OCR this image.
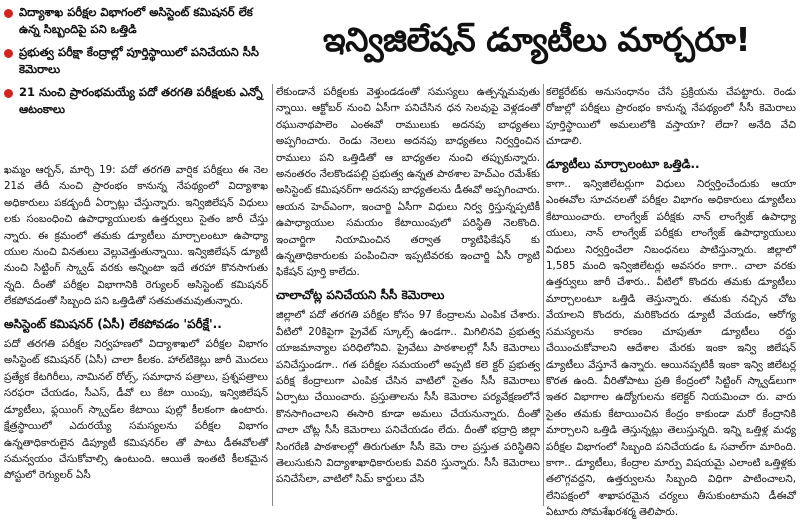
విద్యాశాఖ పరీక్షల విభాగంలో అసిస్టెంట్ కమిషనర్ లేక ఉన్న సిబ్బందిపై పని ఒత్తిడి
ప్రభుత్వ పరీక్షా కేంద్రాల్లో పూర్తిస్థాయిలో పనిచేయని సీసీ కెమెరాలు
21 నుంచి ప్రారంభమయ్యే పదో తరగతి పరీక్షలకు ఎన్నో ఆటంకాలు
ఇన్విజిలేషన్ డ్యూటీలు మార్చరూ!

ఖమ్మం ఆర్బన్, మార్చి 19: పదో తరగతి వార్షిక పరీక్షలు ఈ నెల 21వ తేదీ నుంచి ప్రారంభం కానున్న నేపథ్యంలో విద్యాశాఖ అధికారులు పకడ్బందీ ఏర్పాట్లు చేస్తున్నారు. ఇన్విజిలేషన్ విధులు లకు సంబంధించి ఉపాధ్యాయులకు ఉత్తర్వులు సైతం జారీ చేస్తు న్నారు. ఈ క్రమంలో తమకు డ్యూటీలు మార్చాలంటూ ఉపాధ్యా యుల నుంచి వినతులు వెల్లువెత్తుతున్నాయి. ఇన్విజిలేషన్ డ్యూటీ నుంచి సిట్టింగ్ స్క్వాడ్ వరకు అన్నింటా ఇదే తరహా కొనసాగుతు న్నది. దీంతో పరీక్షల విభాగానికి రెగ్యులర్ అసిస్టెంట్ కమిషనర్ లేకపోవడంతో సిబ్బంది పని ఒత్తిడితో సతమతమవుతున్నారు.

అసిస్టెంట్ కమిషనర్ (ఏసీ) లేకపోవడం 'పరీక్షే'..

పదో తరగతి పరీక్షల నిర్వహణలో విద్యాశాఖలో పరీక్షల విభాగం అసిస్టెంట్ కమిషనర్ (ఏసీ) చాలా కీలకం. హాల్‌టికెట్లు జారీ మొదలు ప్రత్యేక కేటగిరీలు, నామినల్ రోల్స్, సమాధాన పత్రాలు, ప్రశ్నపత్రాలు సరఫరా చేయడం, సీఎస్, డీవో లు కేటా యింపు, ఇన్విజిలేషన్ డ్యూటీలు, ఫ్లయింగ్ స్క్వాడ్‌ల కేటాయి పుల్లో కీలకంగా ఉంటారు. క్షేత్రస్థాయిలో ఎదురయ్యే సమస్యలను పరీక్షల విభాగం ఉన్నతాధికారులైన డిప్యూటీ కమిషనర్‌ల తో పాటు డీఈవోలతో సమన్వయం చేసుకోవాల్సి ఉంటుంది. ఆయితే ఇంతటి కీలకమైన పోస్టులో రెగ్యులర్ ఏసీ

లేకుండానే పరీక్షలకు వెళ్తుండడంతో సమస్యలు ఉత్పన్నమవుతు న్నాయి. ఆక్టోబర్ నుంచి ఏసీగా పనిచేసిన ధన సెలవుపై వెళ్లడంతో రఘునాథపాలెం ఎంఈవో రాములుకు అదనపు బాధ్యతలు అప్పగించారు. రెండు నెలలు అదనపు బాధ్యతలు నిర్వర్తించిన రాములు పని ఒత్తిడితో ఆ బాధ్యతల నుంచి తప్పుకున్నారు. అనంతరం నేలకొండపల్లి ప్రభుత్వ ఉన్నత పాఠశాల హెచ్‌ఎం రమేశ్‌కు అసిస్టెంట్ కమిషనర్‌గా అదనపు బాధ్యతలను డీఈవో అప్పగించారు. ఆయన హెచ్‌ఎంగా, ఇంచార్జి ఏసీగా విధులు నిర్వ ర్తిస్తున్నప్పటికీ ఉపాధ్యాయుల సమయం కేటాయింపులో పరిస్థితి నెలకొంది. ఇంచార్జిగా నియామించిన తర్వాత ర్యాటిఫికేషన్‌ కు ఉన్నతాధికారులకు పంపించినా ఇప్పటివరకు ఇంచార్జి ఏసీ ర్యాటి ఫికేషన్ పూర్తి కాలేదు.

చాలాచోట్ల పనిచేయని సీసీ కెమెరాలు

జిల్లాలో పదో తరగతి పరీక్షల కోసం 97 కేంద్రాలను ఎంపిక చేశారు. వీటిలో 20కిపైగా ప్రైవేట్ స్కూల్స్ ఉండగా.. మిగిలినవి ప్రభుత్వ యాజమాన్యాల పరిధిలోనివి. ప్రైవేటు పాఠశాలల్లో సీసీ కెమెరాలు పనిచేస్తుండగా.. గత పరీక్షల సమయంలో అప్పటి కలె క్టర్ ప్రభుత్వ పరీక్ష కేంద్రాలుగా ఎంపిక చేసిన వాటిలో సైతం సీసీ కెమెరాలు ఏర్పాటు చేయించారు. ప్రస్తుతాలను సీసీ కెమెరాల పర్యవేక్షణలోనే కొనసాగించాలని ఈసారి కూడా అమలు చేయనున్నారు. దీంతో చాలా చోట్ల సీసీ కెమెరాలు పనిచేయడం లేదు. దీంతో భద్రాద్రి జిల్లా సింగరేణి పాఠశాలల్లో తిరుగుతూ సీసీ కెమె రాల ప్రస్తుత పరిస్థితిని తెలుసుకుని విద్యాశాఖాధికారులకు వివరి స్తున్నారు. సీసీ కెమెరాలు పనిచేసేలా, వాటిలో సిమ్ కార్డులు వేసి

కలెక్టరేట్‌కు అనుసంధానం చేసే ప్రక్రియను చేపట్టారు. రెండు రోజుల్లో పరీక్షలు ప్రారంభం కానున్న నేపథ్యంలో సీసీ కెమెరాలు పూర్తిస్థాయిలో అమలులోకి వస్తాయా? లేదా? అనేది వేచి చూడాలి.

డ్యూటీలు మార్చాలంటూ ఒత్తిడి..

కాగా.. ఇన్విజిలేటర్లుగా విధులు నిర్వర్తించేందుకు ఆయా ఎంఈవోల సూచనలతో పరీక్షల విభాగం అధికారులు డ్యూటీలు కేటాయించారు. లాంగ్వేజ్ పరీక్షకు నాన్ లాంగ్వేజ్ ఉపాధ్యా యులు, నాన్ లాంగ్వేజ్ పరీక్షకు లాంగ్వేజ్ ఉపాధ్యాయులు విధులు నిర్వర్తించేలా నిబంధనలు పాటిస్తున్నారు. జిల్లాలో 1,585 మంది ఇన్విజిలేటర్లు అవసరం కాగా.. చాలా వరకు ఉత్తర్వులు జారీ చేశారు.. వీటిలో కొందరు తమకు డ్యూటీలు మార్చాలంటూ ఒత్తిడి తెస్తున్నారు. తమకు నచ్చిన చోట వేయాలని కొందరు, మరికొందరు డ్యూటీ వేయడం, ఆరోగ్య సమస్యలను కారణం చూపుతూ డ్యూటీలు రద్దు చేయించుకోవాలని ఆదేశాల మేరకు ఇంకా ఇన్వి జిలేషన్ డ్యూటీలు వేస్తూనే ఉన్నారు. ఆయినప్పటికీ ఇంకా ఇన్వి జిలేటర్ల కొరత ఉంది. వీరితోపాటు ప్రతి కేంద్రంలో సిట్టింగ్ స్క్వాడ్‌లుగా ఇతర విభాగాల ఉద్యోగులను కలెక్టర్ నియమించా రు. వారు సైతం తమకు కేటాయించిన కేంద్రం కాకుండా మరో కేంద్రానికి మార్చాలని ఒత్తిడి తెస్తున్నట్లు తెలుస్తున్నది. ఇన్ని ఒత్తిళ్ల మధ్య పరీక్షల విభాగంలో సిబ్బంది పనిచేయడం ఓ సవాల్‌గా మారింది. కాగా.. డ్యూటీలు, కేంద్రాల మార్పు విషయమై ఎలాంటి ఒత్తిళ్లకు తలొగ్గవద్దని, ఉత్తర్వులను సిబ్బంది విధిగా పాటించాలని, లేనిపక్షంలో శాఖాపరమైన చర్యలు తీసుకుంటామని డీఈవో ఏటూరు సోమశేఖరశర్మ తెలిపారు.
